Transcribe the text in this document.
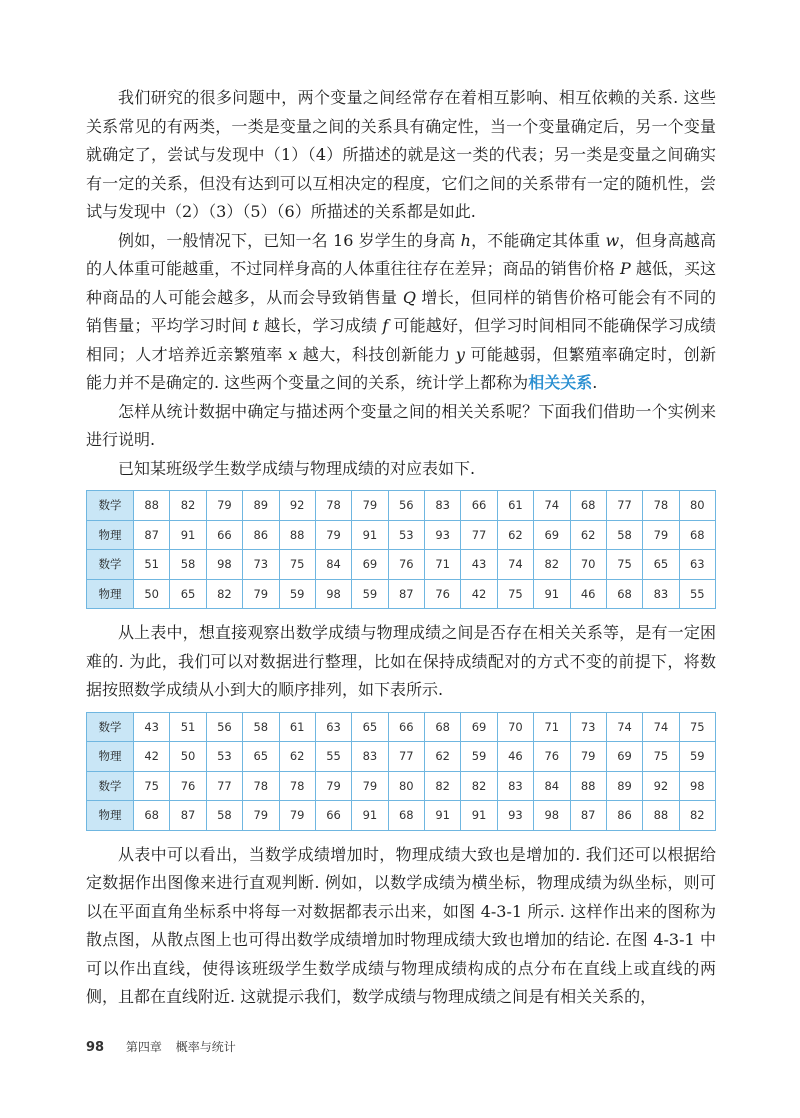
我们研究的很多问题中，两个变量之间经常存在着相互影响、相互依赖的关系. 这些关系常见的有两类，一类是变量之间的关系具有确定性，当一个变量确定后，另一个变量就确定了，尝试与发现中（1）（4）所描述的就是这一类的代表；另一类是变量之间确实有一定的关系，但没有达到可以互相决定的程度，它们之间的关系带有一定的随机性，尝试与发现中（2）（3）（5）（6）所描述的关系都是如此.

例如，一般情况下，已知一名 16 岁学生的身高 h，不能确定其体重 w，但身高越高的人体重可能越重，不过同样身高的人体重往往存在差异；商品的销售价格 P 越低，买这种商品的人可能会越多，从而会导致销售量 Q 增长，但同样的销售价格可能会有不同的销售量；平均学习时间 t 越长，学习成绩 f 可能越好，但学习时间相同不能确保学习成绩相同；人才培养近亲繁殖率 x 越大，科技创新能力 y 可能越弱，但繁殖率确定时，创新能力并不是确定的. 这些两个变量之间的关系，统计学上都称为相关关系.

怎样从统计数据中确定与描述两个变量之间的相关关系呢？下面我们借助一个实例来进行说明.

已知某班级学生数学成绩与物理成绩的对应表如下.

数学	88	82	79	89	92	78	79	56	83	66	61	74	68	77	78	80
物理	87	91	66	86	88	79	91	53	93	77	62	69	62	58	79	68
数学	51	58	98	73	75	84	69	76	71	43	74	82	70	75	65	63
物理	50	65	82	79	59	98	59	87	76	42	75	91	46	68	83	55

从上表中，想直接观察出数学成绩与物理成绩之间是否存在相关关系等，是有一定困难的. 为此，我们可以对数据进行整理，比如在保持成绩配对的方式不变的前提下，将数据按照数学成绩从小到大的顺序排列，如下表所示.

数学	43	51	56	58	61	63	65	66	68	69	70	71	73	74	74	75
物理	42	50	53	65	62	55	83	77	62	59	46	76	79	69	75	59
数学	75	76	77	78	78	79	79	80	82	82	83	84	88	89	92	98
物理	68	87	58	79	79	66	91	68	91	91	93	98	87	86	88	82

从表中可以看出，当数学成绩增加时，物理成绩大致也是增加的. 我们还可以根据给定数据作出图像来进行直观判断. 例如，以数学成绩为横坐标，物理成绩为纵坐标，则可以在平面直角坐标系中将每一对数据都表示出来，如图 4-3-1 所示. 这样作出来的图称为散点图，从散点图上也可得出数学成绩增加时物理成绩大致也增加的结论. 在图 4-3-1 中可以作出直线，使得该班级学生数学成绩与物理成绩构成的点分布在直线上或直线的两侧，且都在直线附近. 这就提示我们，数学成绩与物理成绩之间是有相关关系的，

98 第四章 概率与统计
